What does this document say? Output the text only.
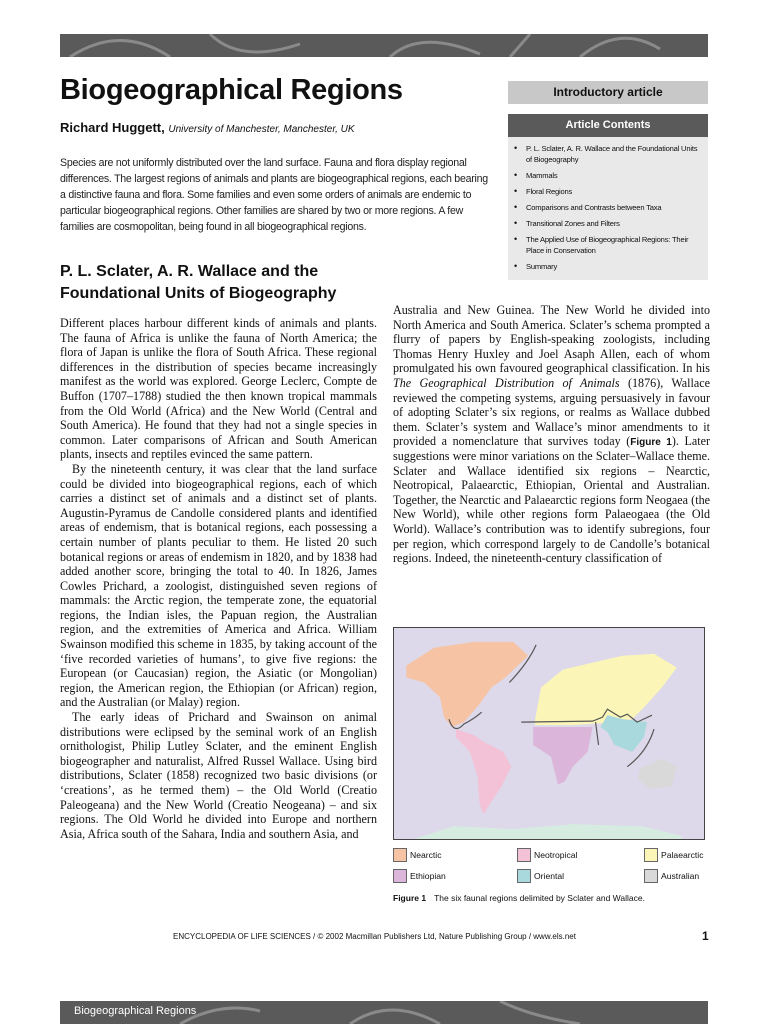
Biogeographical Regions
Richard Huggett, University of Manchester, Manchester, UK
Species are not uniformly distributed over the land surface. Fauna and flora display regional differences. The largest regions of animals and plants are biogeographical regions, each bearing a distinctive fauna and flora. Some families and even some orders of animals are endemic to particular biogeographical regions. Other families are shared by two or more regions. A few families are cosmopolitan, being found in all biogeographical regions.
Introductory article
Article Contents
• P. L. Sclater, A. R. Wallace and the Foundational Units of Biogeography
• Mammals
• Floral Regions
• Comparisons and Contrasts between Taxa
• Transitional Zones and Filters
• The Applied Use of Biogeographical Regions: Their Place in Conservation
• Summary
P. L. Sclater, A. R. Wallace and the Foundational Units of Biogeography

Different places harbour different kinds of animals and plants. The fauna of Africa is unlike the fauna of North America; the flora of Japan is unlike the flora of South Africa. These regional differences in the distribution of species became increasingly manifest as the world was explored. George Leclerc, Compte de Buffon (1707–1788) studied the then known tropical mammals from the Old World (Africa) and the New World (Central and South America). He found that they had not a single species in common. Later comparisons of African and South American plants, insects and reptiles evinced the same pattern.

By the nineteenth century, it was clear that the land surface could be divided into biogeographical regions, each of which carries a distinct set of animals and a distinct set of plants. Augustin-Pyramus de Candolle considered plants and identified areas of endemism, that is botanical regions, each possessing a certain number of plants peculiar to them. He listed 20 such botanical regions or areas of endemism in 1820, and by 1838 had added another score, bringing the total to 40. In 1826, James Cowles Prichard, a zoologist, distinguished seven regions of mammals: the Arctic region, the temperate zone, the equatorial regions, the Indian isles, the Papuan region, the Australian region, and the extremities of America and Africa. William Swainson modified this scheme in 1835, by taking account of the ‘five recorded varieties of humans’, to give five regions: the European (or Caucasian) region, the Asiatic (or Mongolian) region, the American region, the Ethiopian (or African) region, and the Australian (or Malay) region.

The early ideas of Prichard and Swainson on animal distributions were eclipsed by the seminal work of an English ornithologist, Philip Lutley Sclater, and the eminent English biogeographer and naturalist, Alfred Russel Wallace. Using bird distributions, Sclater (1858) recognized two basic divisions (or ‘creations’, as he termed them) – the Old World (Creatio Paleogeana) and the New World (Creatio Neogeana) – and six regions. The Old World he divided into Europe and northern Asia, Africa south of the Sahara, India and southern Asia, and

Australia and New Guinea. The New World he divided into North America and South America. Sclater’s schema prompted a flurry of papers by English-speaking zoologists, including Thomas Henry Huxley and Joel Asaph Allen, each of whom promulgated his own favoured geographical classification. In his The Geographical Distribution of Animals (1876), Wallace reviewed the competing systems, arguing persuasively in favour of adopting Sclater’s six regions, or realms as Wallace dubbed them. Sclater’s system and Wallace’s minor amendments to it provided a nomenclature that survives today (Figure 1). Later suggestions were minor variations on the Sclater–Wallace theme. Sclater and Wallace identified six regions – Nearctic, Neotropical, Palaearctic, Ethiopian, Oriental and Australian. Together, the Nearctic and Palaearctic regions form Neogaea (the New World), while other regions form Palaeogaea (the Old World). Wallace’s contribution was to identify subregions, four per region, which correspond largely to de Candolle’s botanical regions. Indeed, the nineteenth-century classification of

Nearctic	Neotropical	Palaearctic
Ethiopian	Oriental	Australian
Figure 1 The six faunal regions delimited by Sclater and Wallace.
ENCYCLOPEDIA OF LIFE SCIENCES / © 2002 Macmillan Publishers Ltd, Nature Publishing Group / www.els.net	1
Biogeographical Regions
